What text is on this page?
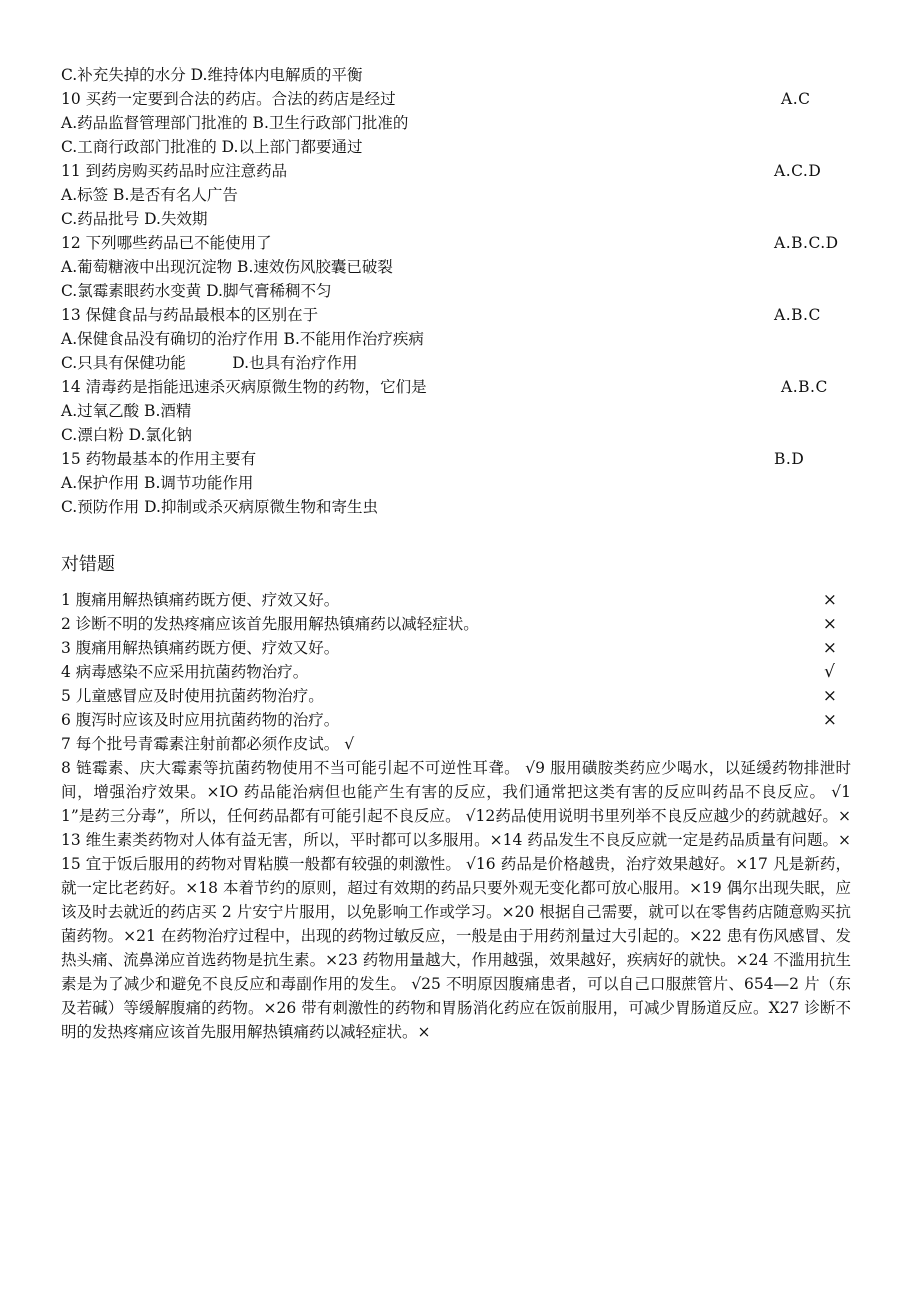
C.补充失掉的水分 D.维持体内电解质的平衡
10 买药一定要到合法的药店。合法的药店是经过	A.C
A.药品监督管理部门批准的 B.卫生行政部门批准的
C.工商行政部门批准的 D.以上部门都要通过
11 到药房购买药品时应注意药品	A.C.D
A.标签 B.是否有名人广告
C.药品批号 D.失效期
12 下列哪些药品已不能使用了	A.B.C.D
A.葡萄糖液中出现沉淀物 B.速效伤风胶囊已破裂
C.氯霉素眼药水变黄 D.脚气膏稀稠不匀
13 保健食品与药品最根本的区别在于	A.B.C
A.保健食品没有确切的治疗作用 B.不能用作治疗疾病
C.只具有保健功能　　　D.也具有治疗作用
14 清毒药是指能迅速杀灭病原微生物的药物，它们是	A.B.C
A.过氧乙酸 B.酒精
C.漂白粉 D.氯化钠
15 药物最基本的作用主要有	B.D
A.保护作用 B.调节功能作用
C.预防作用 D.抑制或杀灭病原微生物和寄生虫
对错题
1 腹痛用解热镇痛药既方便、疗效又好。	×
2 诊断不明的发热疼痛应该首先服用解热镇痛药以减轻症状。	×
3 腹痛用解热镇痛药既方便、疗效又好。	×
4 病毒感染不应采用抗菌药物治疗。	√
5 儿童感冒应及时使用抗菌药物治疗。	×
6 腹泻时应该及时应用抗菌药物的治疗。	×
7 每个批号青霉素注射前都必须作皮试。 √
8 链霉素、庆大霉素等抗菌药物使用不当可能引起不可逆性耳聋。 √9 服用磺胺类药应少喝水，以延缓药物排泄时间，增强治疗效果。×IO 药品能治病但也能产生有害的反应，我们通常把这类有害的反应叫药品不良反应。 √11”是药三分毒”，所以，任何药品都有可能引起不良反应。 √12药品使用说明书里列举不良反应越少的药就越好。×13 维生素类药物对人体有益无害，所以，平时都可以多服用。×14 药品发生不良反应就一定是药品质量有问题。×15 宜于饭后服用的药物对胃粘膜一般都有较强的刺激性。 √16 药品是价格越贵，治疗效果越好。×17 凡是新药，就一定比老药好。×18 本着节约的原则，超过有效期的药品只要外观无变化都可放心服用。×19 偶尔出现失眠，应该及时去就近的药店买 2 片安宁片服用，以免影响工作或学习。×20 根据自己需要，就可以在零售药店随意购买抗菌药物。×21 在药物治疗过程中，出现的药物过敏反应，一般是由于用药剂量过大引起的。×22 患有伤风感冒、发热头痛、流鼻涕应首选药物是抗生素。×23 药物用量越大，作用越强，效果越好，疾病好的就快。×24 不滥用抗生素是为了减少和避免不良反应和毒副作用的发生。 √25 不明原因腹痛患者，可以自己口服蔗管片、654—2 片（东及若碱）等缓解腹痛的药物。×26 带有刺激性的药物和胃肠消化药应在饭前服用，可减少胃肠道反应。X27 诊断不明的发热疼痛应该首先服用解热镇痛药以减轻症状。×
